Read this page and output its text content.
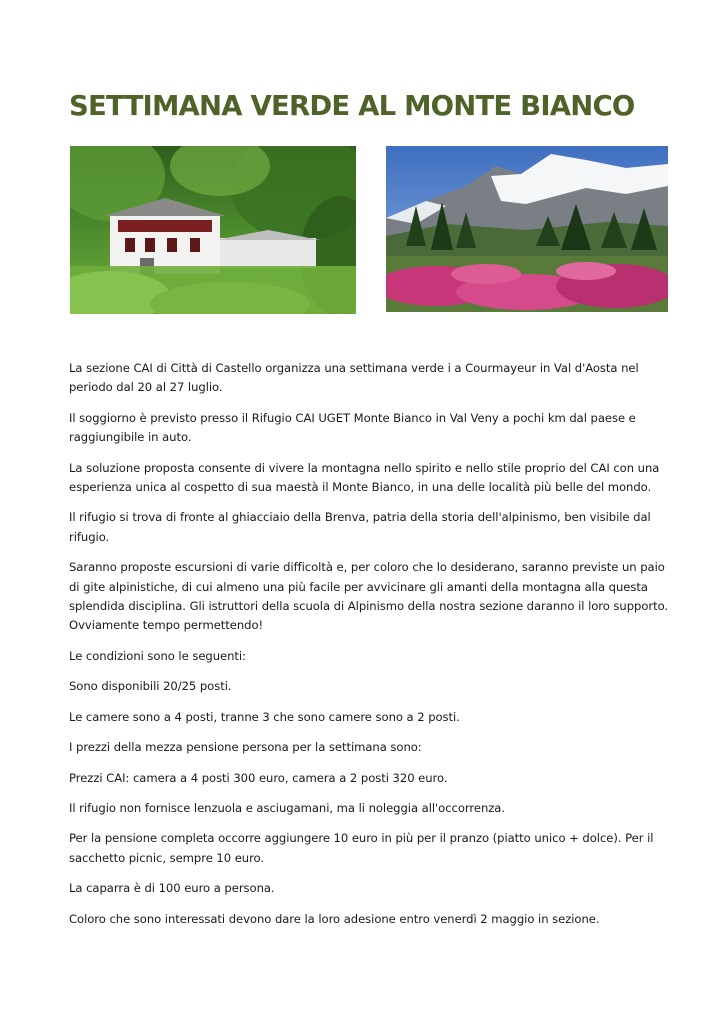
SETTIMANA VERDE AL MONTE BIANCO

La sezione CAI di Città di Castello organizza una settimana verde i a Courmayeur in Val d'Aosta nel periodo dal 20 al 27 luglio.

Il soggiorno è previsto presso il Rifugio CAI UGET Monte Bianco in Val Veny a pochi km dal paese e raggiungibile in auto.

La soluzione proposta consente di vivere la montagna nello spirito e nello stile proprio del CAI con una esperienza unica al cospetto di sua maestà il Monte Bianco, in una delle località più belle del mondo.

Il rifugio si trova di fronte al ghiacciaio della Brenva, patria della storia dell'alpinismo, ben visibile dal rifugio.

Saranno proposte escursioni di varie difficoltà e, per coloro che lo desiderano, saranno previste un paio di gite alpinistiche, di cui almeno una più facile per avvicinare gli amanti della montagna alla questa splendida disciplina. Gli istruttori della scuola di Alpinismo della nostra sezione daranno il loro supporto. Ovviamente tempo permettendo!

Le condizioni sono le seguenti:

Sono disponibili 20/25 posti.

Le camere sono a 4 posti, tranne 3 che sono camere sono a 2 posti.

I prezzi della mezza pensione persona per la settimana sono:

Prezzi CAI: camera a 4 posti 300 euro, camera a 2 posti 320 euro.

Il rifugio non fornisce lenzuola e asciugamani, ma li noleggia all'occorrenza.

Per la pensione completa occorre aggiungere 10 euro in più per il pranzo (piatto unico + dolce). Per il sacchetto picnic, sempre 10 euro.

La caparra è di 100 euro a persona.

Coloro che sono interessati devono dare la loro adesione entro venerdì 2 maggio in sezione.
